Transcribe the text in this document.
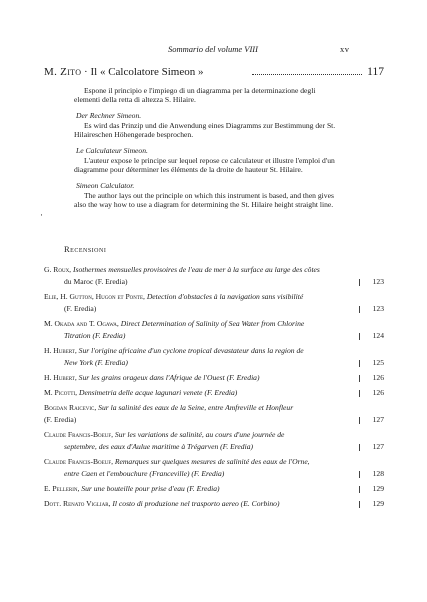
Sommario del volume VIII	xv
M. Zito · Il « Calcolatore Simeon »	117
Espone il principio e l'impiego di un diagramma per la determinazione degli elementi della retta di altezza S. Hilaire.
Der Rechner Simeon.
Es wird das Prinzip und die Anwendung eines Diagramms zur Bestimmung der St. Hilaireschen Höhengerade besprochen.
Le Calculateur Simeon.
L'auteur expose le principe sur lequel repose ce calculateur et illustre l'emploi d'un diagramme pour déterminer les éléments de la droite de hauteur St. Hilaire.
Simeon Calculator.
The author lays out the principle on which this instrument is based, and then gives also the way how to use a diagram for determining the St. Hilaire height straight line.
·
Recensioni
G. Roux, Isothermes mensuelles provisoires de l'eau de mer à la surface au large des côtes
du Maroc (F. Eredia)	123
Elie, H. Gutton, Hugon et Ponte, Detection d'obstacles à la navigation sans visibilité
(F. Eredia)	123
M. Okada and T. Ogawa, Direct Determination of Salinity of Sea Water from Chlorine
Titration (F. Eredia)	124
H. Hubert, Sur l'origine africaine d'un cyclone tropical devastateur dans la region de
New York (F. Eredia)	125
H. Hubert, Sur les grains orageux dans l'Afrique de l'Ouest (F. Eredia)	126
M. Picotti, Densimetria delle acque lagunari venete (F. Eredia)	126
Bogdan Raicevic, Sur la salinité des eaux de la Seine, entre Amfreville et Honfleur
(F. Eredia)	127
Claude Francis-Boeuf, Sur les variations de salinité, au cours d'une journée de
septembre, des eaux d'Aulue maritime à Trégarven (F. Eredia)	127
Claude Francis-Boeuf, Remarques sur quelques mesures de salinité des eaux de l'Orne,
entre Caen et l'embouchure (Franceville) (F. Eredia)	128
E. Pellerin, Sur une bouteille pour prise d'eau (F. Eredia)	129
Dott. Renato Vigliar, Il costo di produzione nel trasporto aereo (E. Corbino)	129
